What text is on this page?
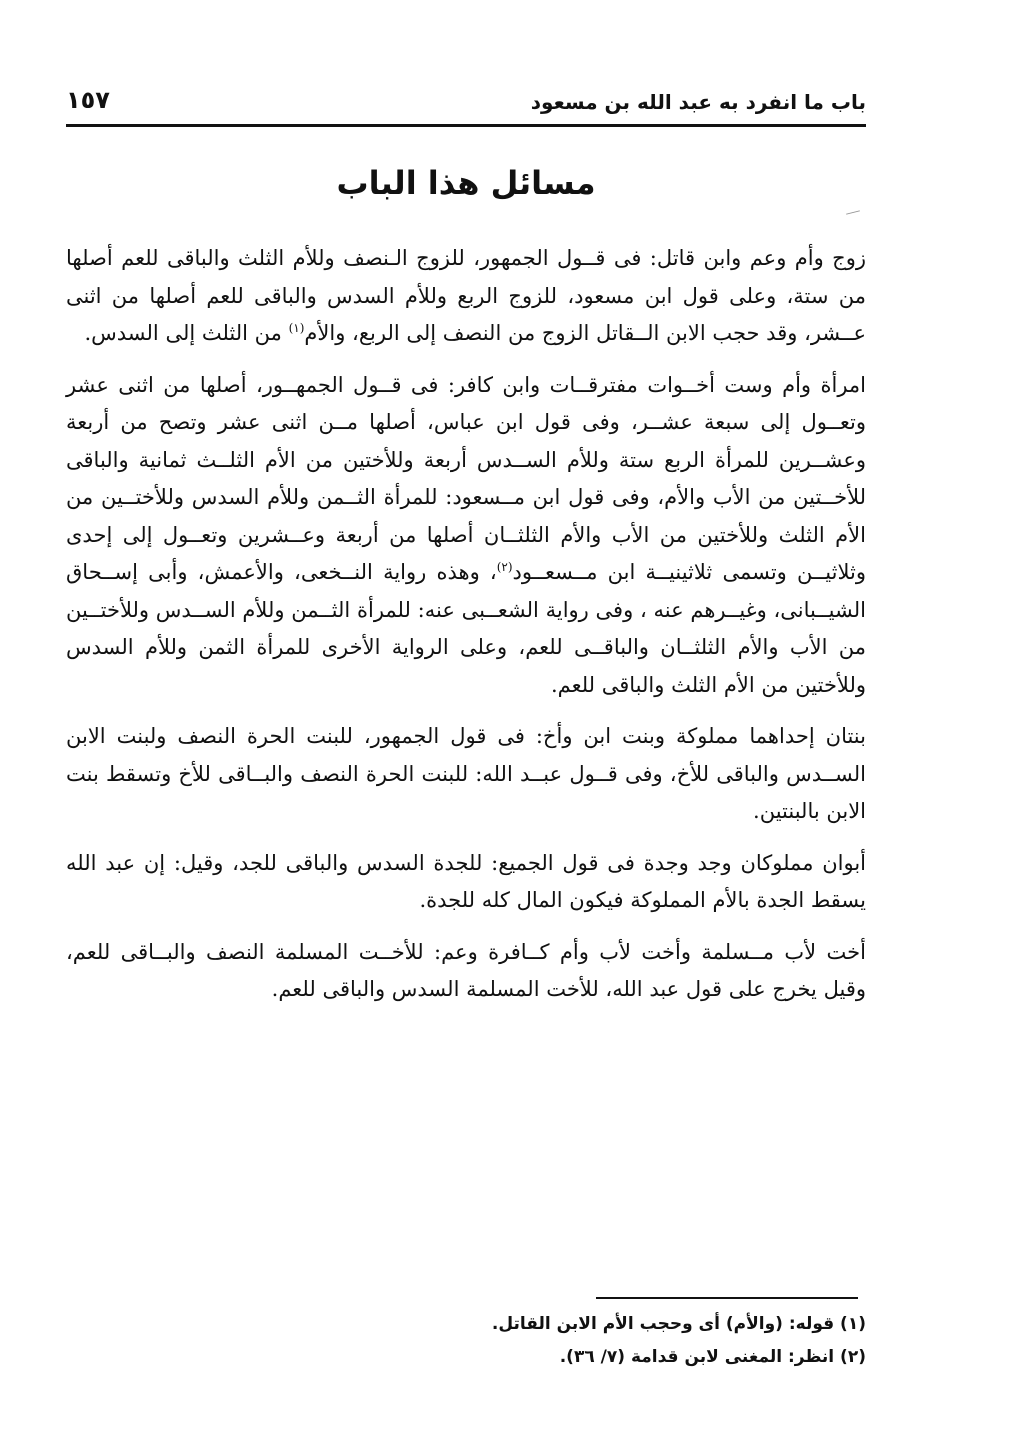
باب ما انفرد به عبد الله بن مسعود
١٥٧
مسائل هذا الباب

زوج وأم وعم وابن قاتل: فى قــول الجمهور، للزوج الـنصف وللأم الثلث والباقى للعم أصلها من ستة، وعلى قول ابن مسعود، للزوج الربع وللأم السدس والباقى للعم أصلها من اثنى عــشر، وقد حجب الابن الــقاتل الزوج من النصف إلى الربع، والأم$^{(١)}$ من الثلث إلى السدس.

امرأة وأم وست أخــوات مفترقــات وابن كافر: فى قــول الجمهــور، أصلها من اثنى عشر وتعــول إلى سبعة عشــر، وفى قول ابن عباس، أصلها مــن اثنى عشر وتصح من أربعة وعشــرين للمرأة الربع ستة وللأم الســدس أربعة وللأختين من الأم الثلــث ثمانية والباقى للأخــتين من الأب والأم، وفى قول ابن مــسعود: للمرأة الثــمن وللأم السدس وللأختــين من الأم الثلث وللأختين من الأب والأم الثلثــان أصلها من أربعة وعــشرين وتعــول إلى إحدى وثلاثيــن وتسمى ثلاثينيــة ابن مــسعــود$^{(٢)}$، وهذه رواية النــخعى، والأعمش، وأبى إســحاق الشيــبانى، وغيــرهم عنه ، وفى رواية الشعــبى عنه: للمرأة الثــمن وللأم الســدس وللأختــين من الأب والأم الثلثــان والباقــى للعم، وعلى الرواية الأخرى للمرأة الثمن وللأم السدس وللأختين من الأم الثلث والباقى للعم.

بنتان إحداهما مملوكة وبنت ابن وأخ: فى قول الجمهور، للبنت الحرة النصف ولبنت الابن الســدس والباقى للأخ، وفى قــول عبــد الله: للبنت الحرة النصف والبــاقى للأخ وتسقط بنت الابن بالبنتين.

أبوان مملوكان وجد وجدة فى قول الجميع: للجدة السدس والباقى للجد، وقيل: إن عبد الله يسقط الجدة بالأم المملوكة فيكون المال كله للجدة.

أخت لأب مــسلمة وأخت لأب وأم كــافرة وعم: للأخــت المسلمة النصف والبــاقى للعم، وقيل يخرج على قول عبد الله، للأخت المسلمة السدس والباقى للعم.

(١) قوله: (والأم) أى وحجب الأم الابن القاتل.

(٢) انظر: المغنى لابن قدامة (٧/ ٣٦).
